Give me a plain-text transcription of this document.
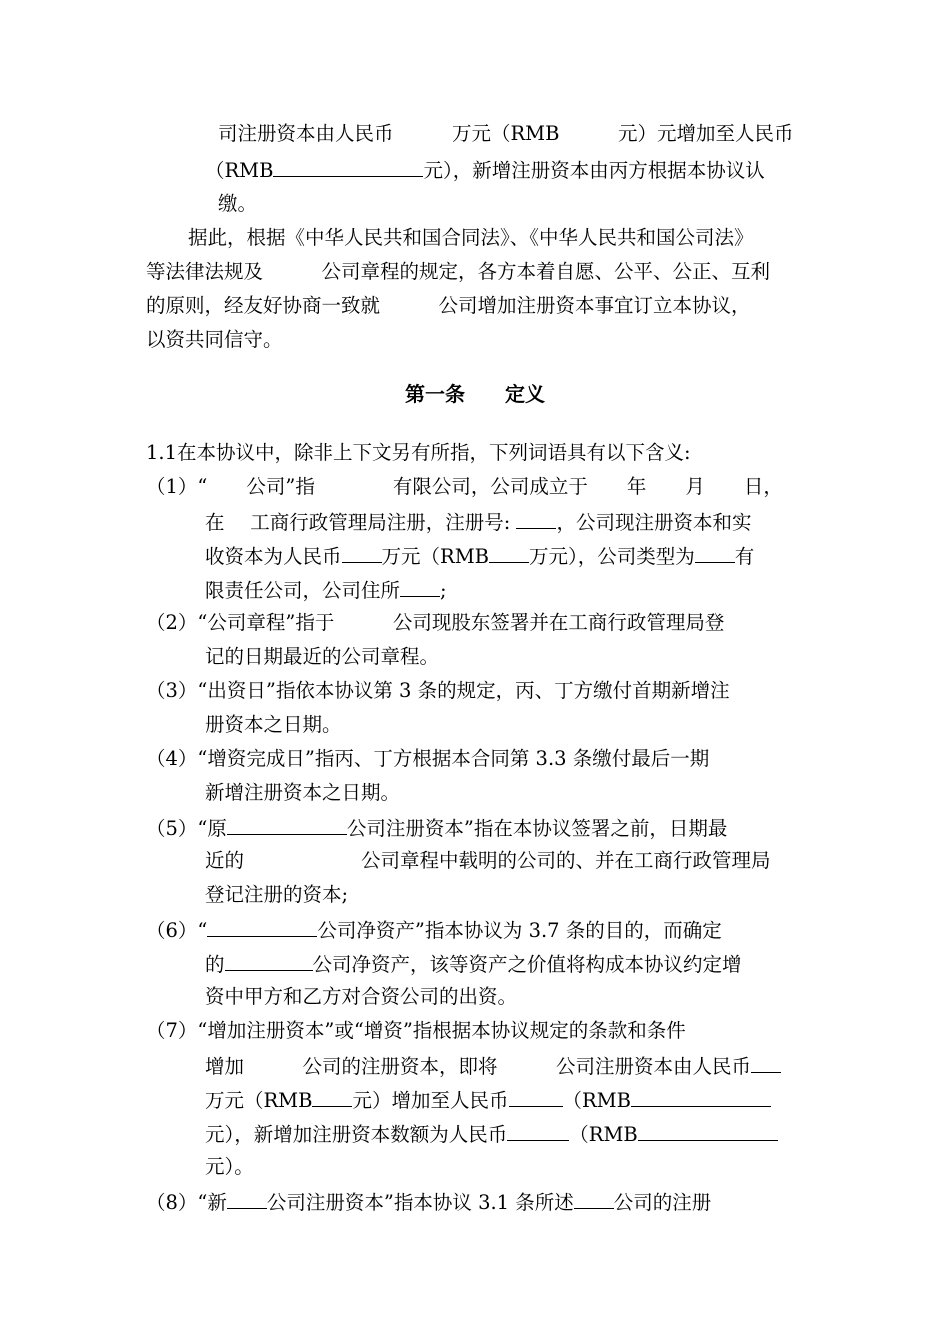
司注册资本由人民币　　　万元（RMB　　　元）元增加至人民币
（RMB	元），新增注册资本由丙方根据本协议认
缴。
据此，根据《中华人民共和国合同法》、《中华人民共和国公司法》
等法律法规及　　　公司章程的规定，各方本着自愿、公平、公正、互利
的原则，经友好协商一致就　　　公司增加注册资本事宜订立本协议，
以资共同信守。
第一条　　定义
1.1在本协议中，除非上下文另有所指，下列词语具有以下含义:
（1）“　　公司”指　　　　有限公司，公司成立于　　年　　月　　日，
在　 工商行政管理局注册，注册号: ，公司现注册资本和实
收资本为人民币 万元（RMB 万元），公司类型为 有
限责任公司，公司住所 ;
（2）“公司章程”指于　　　公司现股东签署并在工商行政管理局登
记的日期最近的公司章程。
（3）“出资日”指依本协议第 3 条的规定，丙、丁方缴付首期新增注
册资本之日期。
（4）“增资完成日”指丙、丁方根据本合同第 3.3 条缴付最后一期
新增注册资本之日期。
（5）“原	公司注册资本”指在本协议签署之前，日期最
近的　　　　　　公司章程中载明的公司的、并在工商行政管理局
登记注册的资本;
（6）“	公司净资产”指本协议为 3.7 条的目的，而确定
的	公司净资产，该等资产之价值将构成本协议约定增
资中甲方和乙方对合资公司的出资。
（7）“增加注册资本”或“增资”指根据本协议规定的条款和条件
增加　　　公司的注册资本，即将　　　公司注册资本由人民币
万元（RMB 元）增加至人民币	（RMB
元），新增加注册资本数额为人民币	（RMB
元）。
（8）“新 公司注册资本”指本协议 3.1 条所述 公司的注册
